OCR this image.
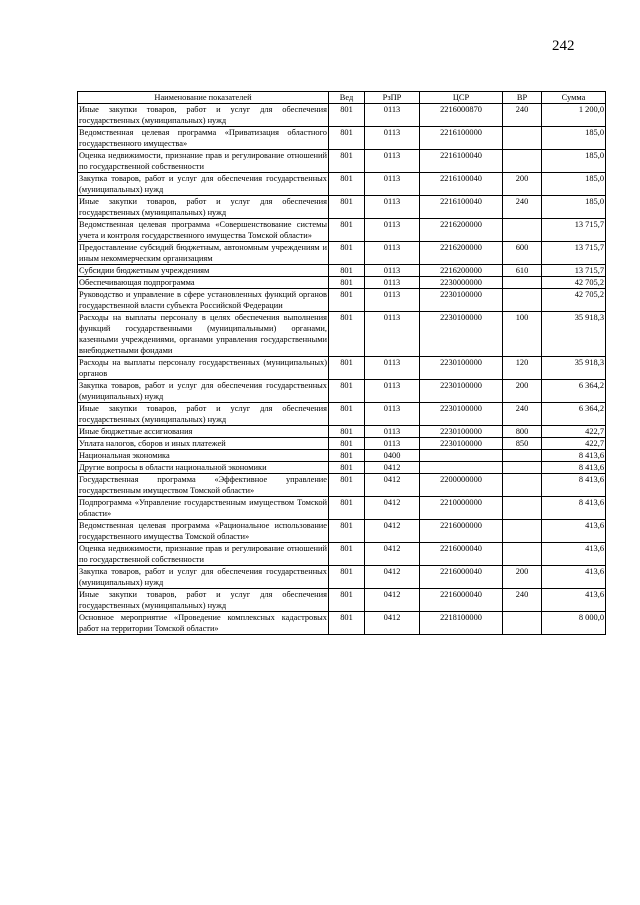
242
Наименование показателей	Вед	РзПР	ЦСР	ВР	Сумма
Иные закупки товаров, работ и услуг для обеспечения государственных (муниципальных) нужд	801	0113	2216000870	240	1 200,0
Ведомственная целевая программа «Приватизация областного государственного имущества»	801	0113	2216100000		185,0
Оценка недвижимости, признание прав и регулирование отношений по государственной собственности	801	0113	2216100040		185,0
Закупка товаров, работ и услуг для обеспечения государственных (муниципальных) нужд	801	0113	2216100040	200	185,0
Иные закупки товаров, работ и услуг для обеспечения государственных (муниципальных) нужд	801	0113	2216100040	240	185,0
Ведомственная целевая программа «Совершенствование системы учета и контроля государственного имущества Томской области»	801	0113	2216200000		13 715,7
Предоставление субсидий бюджетным, автономным учреждениям и иным некоммерческим организациям	801	0113	2216200000	600	13 715,7
Субсидии бюджетным учреждениям	801	0113	2216200000	610	13 715,7
Обеспечивающая подпрограмма	801	0113	2230000000		42 705,2
Руководство и управление в сфере установленных функций органов государственной власти субъекта Российской Федерации	801	0113	2230100000		42 705,2
Расходы на выплаты персоналу в целях обеспечения выполнения функций государственными (муниципальными) органами, казенными учреждениями, органами управления государственными внебюджетными фондами	801	0113	2230100000	100	35 918,3
Расходы на выплаты персоналу государственных (муниципальных) органов	801	0113	2230100000	120	35 918,3
Закупка товаров, работ и услуг для обеспечения государственных (муниципальных) нужд	801	0113	2230100000	200	6 364,2
Иные закупки товаров, работ и услуг для обеспечения государственных (муниципальных) нужд	801	0113	2230100000	240	6 364,2
Иные бюджетные ассигнования	801	0113	2230100000	800	422,7
Уплата налогов, сборов и иных платежей	801	0113	2230100000	850	422,7
Национальная экономика	801	0400			8 413,6
Другие вопросы в области национальной экономики	801	0412			8 413,6
Государственная программа «Эффективное управление государственным имуществом Томской области»	801	0412	2200000000		8 413,6
Подпрограмма «Управление государственным имуществом Томской области»	801	0412	2210000000		8 413,6
Ведомственная целевая программа «Рациональное использование государственного имущества Томской области»	801	0412	2216000000		413,6
Оценка недвижимости, признание прав и регулирование отношений по государственной собственности	801	0412	2216000040		413,6
Закупка товаров, работ и услуг для обеспечения государственных (муниципальных) нужд	801	0412	2216000040	200	413,6
Иные закупки товаров, работ и услуг для обеспечения государственных (муниципальных) нужд	801	0412	2216000040	240	413,6
Основное мероприятие «Проведение комплексных кадастровых работ на территории Томской области»	801	0412	2218100000		8 000,0
